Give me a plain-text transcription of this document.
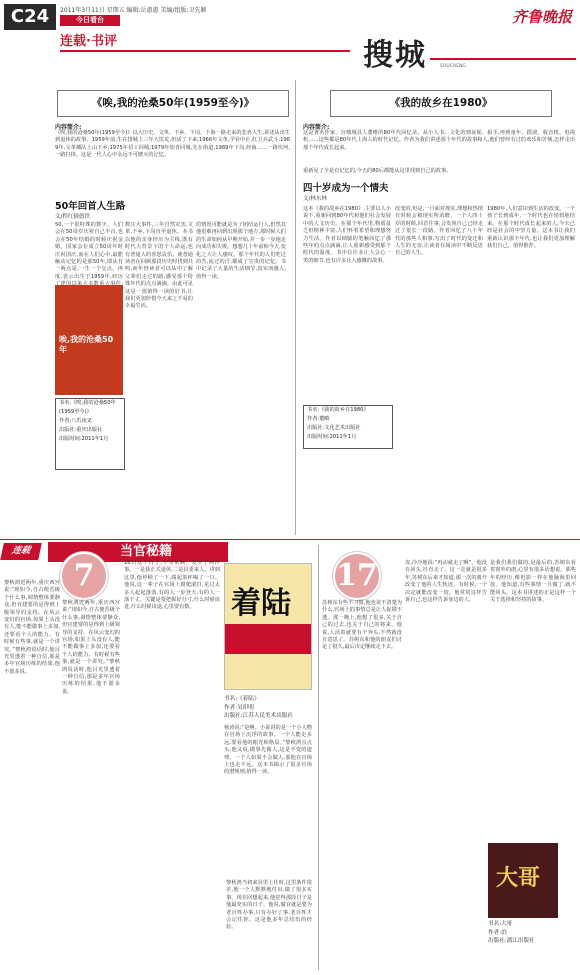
C24	2011年3月11日 星期五 编辑:岳惠惠 美编/组版:卫先颖
今日看台
连载·书评
齐鲁晚报
搜城	SOUCHENG
《唉,我的沧桑50年(1959至今)》
内容简介:
《唉,我的沧桑50年(1959至今)》以大历史、文革、下乡、下岗、下海一路走来的悲喜人生,讲述从出生到退休的故事。1959年前,生在排城上三年大饥荒,但活了下来;1966年文革,学业中止,红卫兵武斗;1969年,文革插队上山下乡;1975年招工回城;1979年知青回城,先在街道,1989年下岗,经商……一路坎坷,一路打拼。这是一代人心中永远不可磨灭的记忆。
50年回首人生路
文/程红辅德铁
50,一个很特殊的数字。人们会在50周岁庆祝自己半百,也会在50年结婚的时候庆祝金婚。国家会在成立50周年时庆祝国庆,而在人们心中,最能触动记忆的是那50年,即从有一两点是,一生一个交点。再度,表示出生于1959年,经历
数庄大事件,三年自然灾害,文革,下乡,下岗直至退休。本书以他的亲身经历为主线,既有时代大背景下的个人命运,也有普通人的喜怒哀乐。使普通读者在回顾那段历史时找到共鸣,而年轻读者可以从中了解父辈们走过的路,感受那个特殊年代的点点滴滴。由此可见这是一部值得一读的好书,让我们更加珍惜今天来之不易的幸福生活。
的情况可能就是为了团结运行人,但然其他很难再回到出现那个地方,那时候人们的生命如何从早期开始,并一步一步地走向成功和失败。想想几十年前和今天,变化之大让人感叹。那个年代的人们吃过的苦,流过的汗,都成了宝贵的记忆。书中记录了大量的生活细节,真实而感人,值得一读。
唉,我的沧桑50年
书名:《唉,我的沧桑50年(1959至今)》
作者:八爪夜叉
出版社:重庆出版社
出版时间:2011年1月
《我的故乡在1980》
内容简介:
这是著名作家、宫城城县人董维的80年代回忆录。从小人书、文化的到灰妮、扳手,再到童年、摇滚、收音机、电视机……这些都是80年代上海人的时代记忆。作者为我们讲述那个年代的故事和人,他们曾经有过的欢乐和苦恼,怎样走出那个年代成长起来。
重新见了全是有记忆的,今天的80后都能从这里找到自己的故事。
四十岁成为一个情夫
文/林东林
这本《我的故乡在1980》,主要以人小说下,重新回到80年代和他们社会发展中的人文历史。在那个年代里,物质贫乏但精神丰富,人们怀着希望和理想努力生活。作者以细腻的笔触回忆了那些年的点点滴滴,让人重新感受到那个时代的温度。书中有许多让人会心一笑的细节,也有许多让人感慨的故事。
改变的,但是,一旦面对现实,理想和热情有时候会被现实所消磨。一个人四十岁的时候,回首往事,会发现自己已经走过了很长一段路。作者回忆了八十年代的那些人和事,写出了时代的变迁和人生的无奈,让读者在阅读中不断反思自己的人生。
1980年,人们意识到生活的改变。一个孩子长到成年,一个时代也在悄悄地结束。在那个时代成长起来的人,今天已经是社会的中坚力量。这本书让我们重新认识那个年代,也让我们更加理解我们自己。值得推荐。
书名:《我的故乡在1980》
作者:董畸
出版社:文化艺术出版社
出版时间:2011年1月
连载	当官秘籍
7	17
黎秋鸿近两年,重庆西宫说:“现如今,自古便晋级个什么事,调情整体要静众,但官建要的是得到上级领导的支持。在风云变幻的官场,如果上头没有人,能不能做事上多加,还要看个人的能力。有时候有些事,就是一个讲究。”黎秋鸿说话时,他目光里透着一种自信,那是多年官场历练的结果,他不愿多说。
黎秋鸿近两年,重庆西宫说:“现如今,自古便晋级个什么事,调情整体要静众,但官建要的是得到上级领导的支持。在风云变幻的官场,如果上头没有人,能不能做事上多加,还要看个人的能力。有时候有些事,就是一个讲究。”黎秋鸿说话时,他目光里透着一种自信,那是多年官场历练的结果,他不愿多说。
16日这个日子,不寻常啊。发生了两件事。一是我正式退休,二是县委来人。讲到这里,他停顿了一下,端起茶杯喝了一口。他说,这一辈子在官场上摸爬滚打,见过太多人起起落落,有的人一步登天,有的人一落千丈。关键是要把握好分寸,什么时候该进,什么时候该退,心里要有数。	着陆
书名:《着陆》
作者:吴印明
出版社:江苏人民美术出版社
杨涛说:“是啊。小说讲的是一个小人物在官场上沉浮的故事。一个人能走多远,要看他的眼光和格局。”黎秋鸿点点头,他又说,做事先做人,这是不变的道理。一个人如果不会做人,那他在官场上也走不远。这本书揭示了很多官场的潜规则,值得一读。
黎秋鸿当初来县里上任时,这里条件很差,他一个人默默地付出,做了很多实事。现在回想起来,他觉得那段日子是他最充实的日子。他说,做官就是要为老百姓办事,只有办好了事,老百姓才会记住你。这是他多年总结出的经验。
苏树东有些不习惯,他也说不清楚为什么,官场上的事情总是让人捉摸不透。那一晚上,他想了很多,关于自己的过去,也关于自己的将来。他说,人活着就要有个奔头,不然就没有意思了。苏树东和他的朋友们讨论了很久,最后决定继续走下去。
皮,冷冷地说:“再动就走了啊”。他没有回头,径直走了。这一走就是很多年,苏树东后来才知道,那一次的离开改变了他的人生轨迹。有时候,一个决定就能改变一切。他常常这样告诉自己,也这样告诉身边的人。
是我们我们做的,是最后的,苏树东看着窗外的雨,心里有很多话想说。那些年的经历,像电影一样在他脑海里回放。他知道,有些事情一旦做了,就不能回头。这本书讲述的正是这样一个关于选择和坚持的故事。
大哥
书名:大哥
作者:泊
出版社:漓江出版社
